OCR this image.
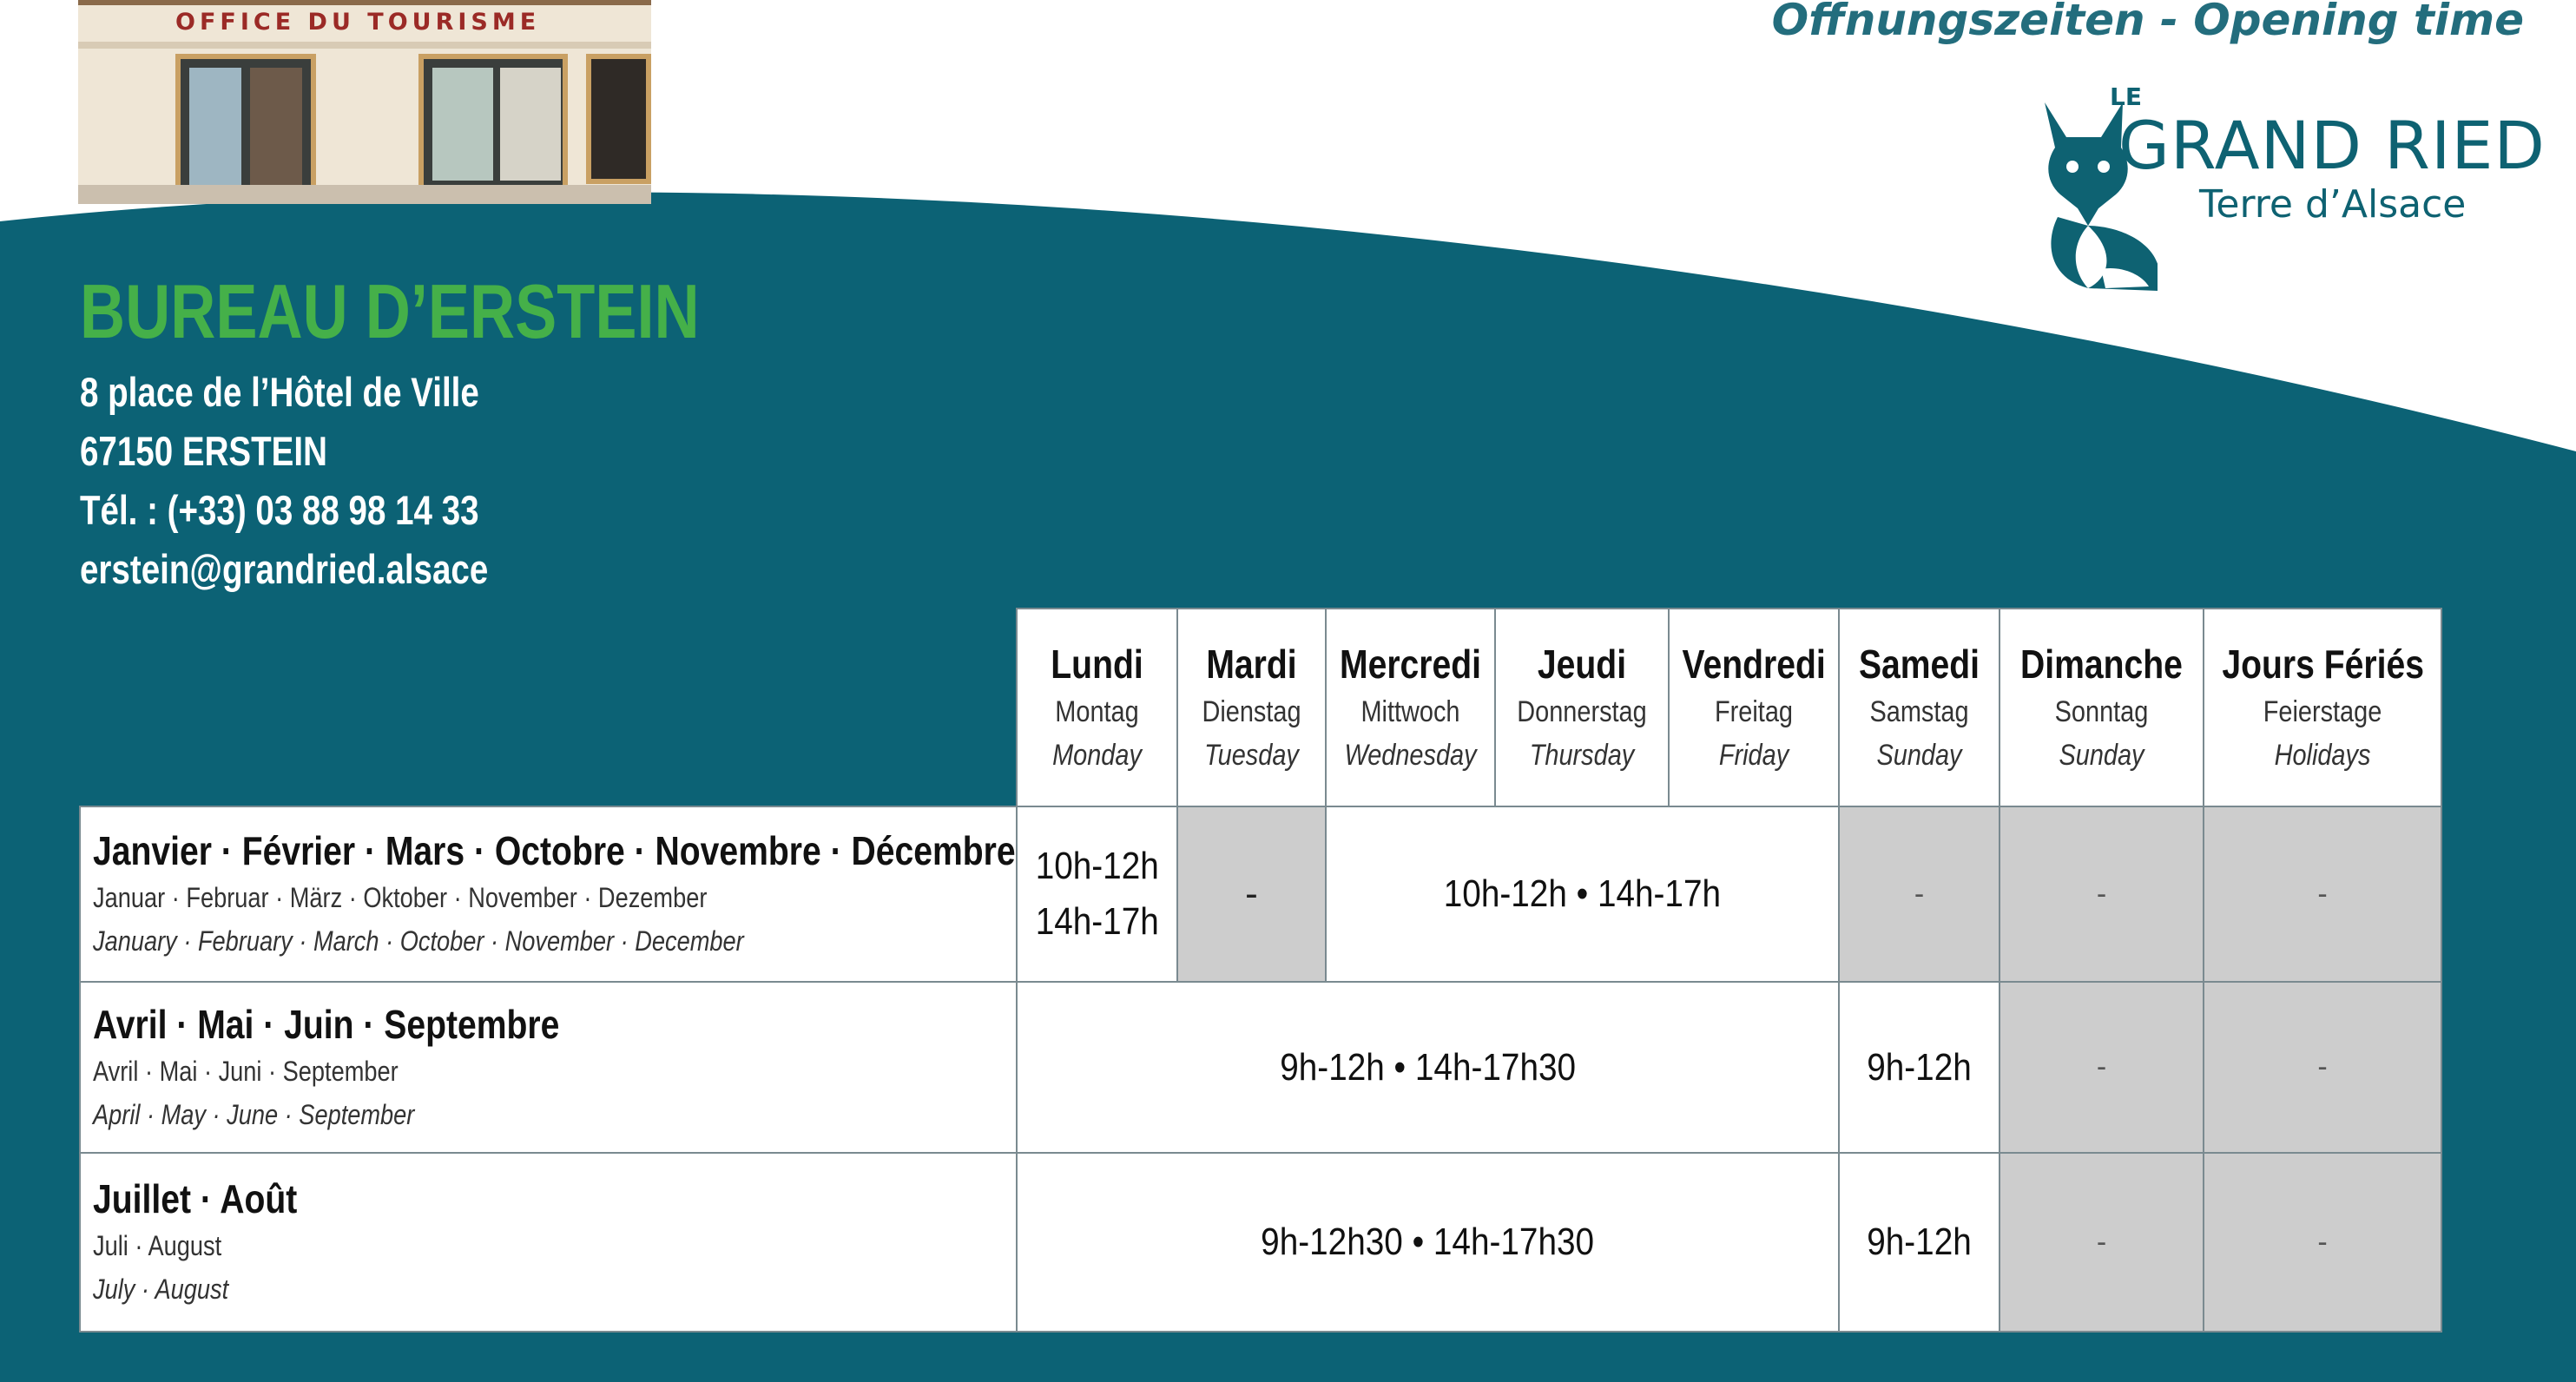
OFFICE DU TOURISME	Offnungszeiten - Opening time
LE
GRAND RIED
Terre d’Alsace
BUREAU D’ERSTEIN
8 place de l’Hôtel de Ville
67150 ERSTEIN
Tél. : (+33) 03 88 98 14 33
erstein@grandried.alsace

	Lundi
Montag
Monday	Mardi
Dienstag
Tuesday	Mercredi
Mittwoch
Wednesday	Jeudi
Donnerstag
Thursday	Vendredi
Freitag
Friday	Samedi
Samstag
Sunday	Dimanche
Sonntag
Sunday	Jours Fériés
Feierstage
Holidays

Janvier · Février · Mars · Octobre · Novembre · Décembre
Januar · Februar · März · Oktober · November · Dezember
January · February · March · October · November · December	10h-12h
14h-17h	-	10h-12h • 14h-17h			-	-	-

Avril · Mai · Juin · Septembre
Avril · Mai · Juni · September
April · May · June · September	9h-12h • 14h-17h30					9h-12h	-	-

Juillet · Août
Juli · August
July · August	9h-12h30 • 14h-17h30					9h-12h	-	-
